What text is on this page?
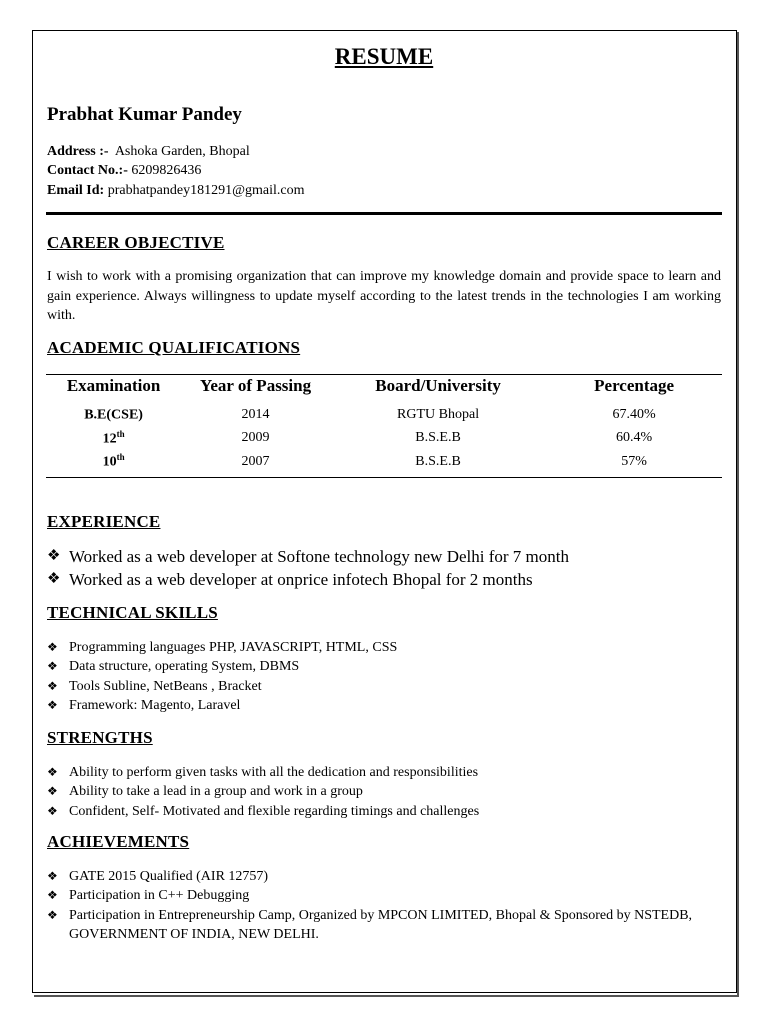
RESUME
Prabhat Kumar Pandey
Address :- Ashoka Garden, Bhopal
Contact No.:- 6209826436
Email Id: prabhatpandey181291@gmail.com
CAREER OBJECTIVE
I wish to work with a promising organization that can improve my knowledge domain and provide space to learn and gain experience. Always willingness to update myself according to the latest trends in the technologies I am working with.
ACADEMIC QUALIFICATIONS
Examination	Year of Passing	Board/University	Percentage

B.E(CSE)	2014	RGTU Bhopal	67.40%
12th	2009	B.S.E.B	60.4%
10th	2007	B.S.E.B	57%
EXPERIENCE
❖ Worked as a web developer at Softone technology new Delhi for 7 month
❖ Worked as a web developer at onprice infotech Bhopal for 2 months
TECHNICAL SKILLS
❖ Programming languages PHP, JAVASCRIPT, HTML, CSS
❖ Data structure, operating System, DBMS
❖ Tools Subline, NetBeans , Bracket
❖ Framework: Magento, Laravel
STRENGTHS
❖ Ability to perform given tasks with all the dedication and responsibilities
❖ Ability to take a lead in a group and work in a group
❖ Confident, Self- Motivated and flexible regarding timings and challenges
ACHIEVEMENTS
❖ GATE 2015 Qualified (AIR 12757)
❖ Participation in C++ Debugging
❖ Participation in Entrepreneurship Camp, Organized by MPCON LIMITED, Bhopal & Sponsored by NSTEDB, GOVERNMENT OF INDIA, NEW DELHI.
